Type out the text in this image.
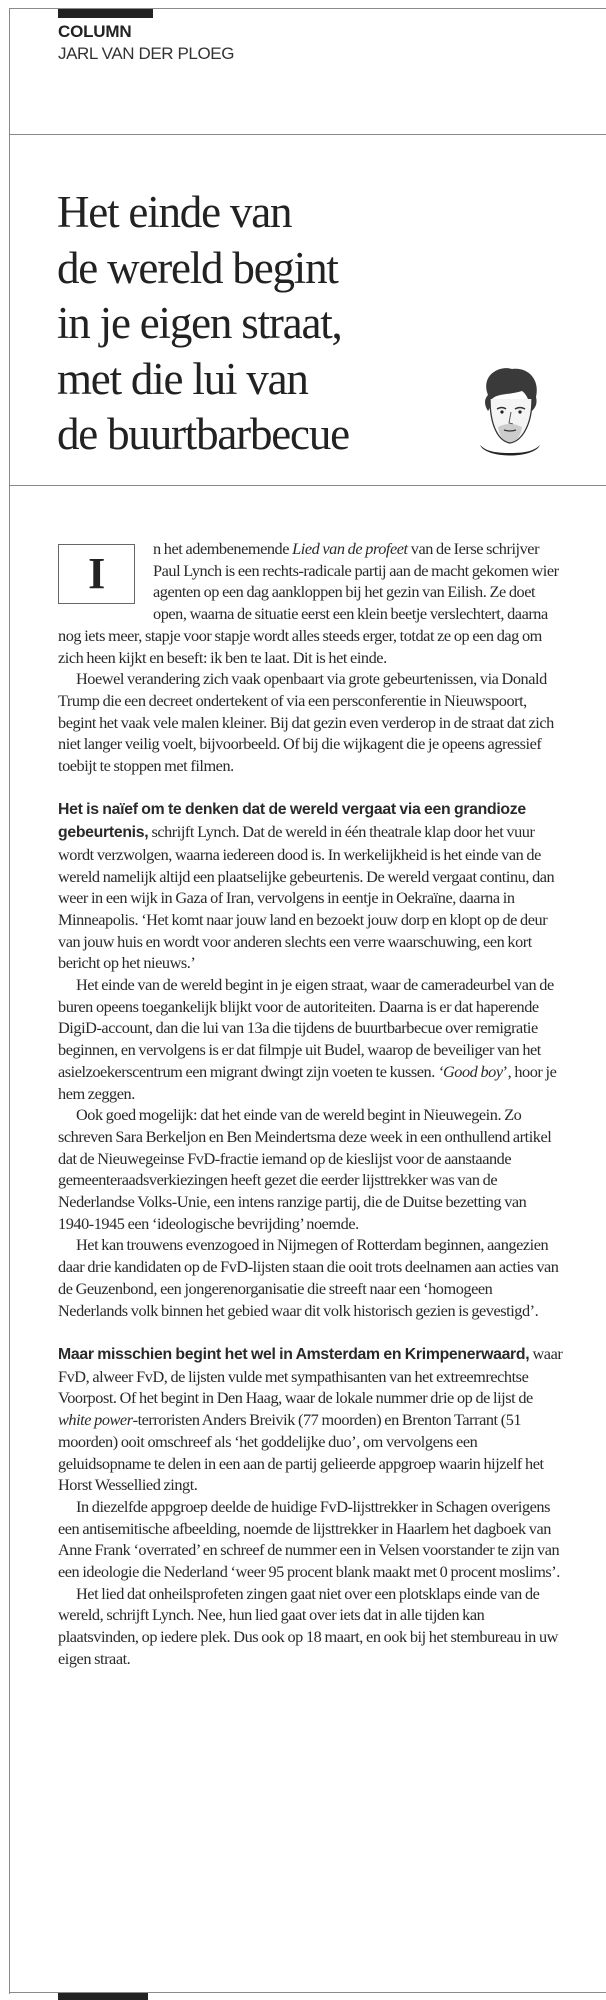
COLUMN
JARL VAN DER PLOEG
Het einde van
de wereld begint
in je eigen straat,
met die lui van
de buurtbarbecue

I
n het adembenemende Lied van de profeet van de Ierse schrijver Paul Lynch is een rechts-radicale partij aan de macht gekomen wier agenten op een dag aankloppen bij het gezin van Eilish. Ze doet open, waarna de situatie eerst een klein beetje verslechtert, daarna nog iets meer, stapje voor stapje wordt alles steeds erger, totdat ze op een dag om zich heen kijkt en beseft: ik ben te laat. Dit is het einde.

Hoewel verandering zich vaak openbaart via grote gebeurtenissen, via Donald Trump die een decreet ondertekent of via een persconferentie in Nieuwspoort, begint het vaak vele malen kleiner. Bij dat gezin even verderop in de straat dat zich niet langer veilig voelt, bijvoorbeeld. Of bij die wijkagent die je opeens agressief toebijt te stoppen met filmen.

Het is naïef om te denken dat de wereld vergaat via een grandioze gebeurtenis, schrijft Lynch. Dat de wereld in één theatrale klap door het vuur wordt verzwolgen, waarna iedereen dood is. In werkelijkheid is het einde van de wereld namelijk altijd een plaatselijke gebeurtenis. De wereld vergaat continu, dan weer in een wijk in Gaza of Iran, vervolgens in eentje in Oekraïne, daarna in Minneapolis. ‘Het komt naar jouw land en bezoekt jouw dorp en klopt op de deur van jouw huis en wordt voor anderen slechts een verre waarschuwing, een kort bericht op het nieuws.’

Het einde van de wereld begint in je eigen straat, waar de cameradeurbel van de buren opeens toegankelijk blijkt voor de autoriteiten. Daarna is er dat haperende DigiD-account, dan die lui van 13a die tijdens de buurtbarbecue over remigratie beginnen, en vervolgens is er dat filmpje uit Budel, waarop de beveiliger van het asielzoekerscentrum een migrant dwingt zijn voeten te kussen. ‘Good boy’, hoor je hem zeggen.

Ook goed mogelijk: dat het einde van de wereld begint in Nieuwegein. Zo schreven Sara Berkeljon en Ben Meindertsma deze week in een onthullend artikel dat de Nieuwegeinse FvD-fractie iemand op de kieslijst voor de aanstaande gemeenteraadsverkiezingen heeft gezet die eerder lijsttrekker was van de Nederlandse Volks-Unie, een intens ranzige partij, die de Duitse bezetting van 1940-1945 een ‘ideologische bevrijding’ noemde.

Het kan trouwens evenzogoed in Nijmegen of Rotterdam beginnen, aangezien daar drie kandidaten op de FvD-lijsten staan die ooit trots deelnamen aan acties van de Geuzenbond, een jongerenorganisatie die streeft naar een ‘homogeen Nederlands volk binnen het gebied waar dit volk historisch gezien is gevestigd’.

Maar misschien begint het wel in Amsterdam en Krimpenerwaard, waar FvD, alweer FvD, de lijsten vulde met sympathisanten van het extreemrechtse Voorpost. Of het begint in Den Haag, waar de lokale nummer drie op de lijst de white power-terroristen Anders Breivik (77 moorden) en Brenton Tarrant (51 moorden) ooit omschreef als ‘het goddelijke duo’, om vervolgens een geluidsopname te delen in een aan de partij gelieerde appgroep waarin hijzelf het Horst Wessellied zingt.

In diezelfde appgroep deelde de huidige FvD-lijsttrekker in Schagen overigens een antisemitische afbeelding, noemde de lijsttrekker in Haarlem het dagboek van Anne Frank ‘overrated’ en schreef de nummer een in Velsen voorstander te zijn van een ideologie die Nederland ‘weer 95 procent blank maakt met 0 procent moslims’.

Het lied dat onheilsprofeten zingen gaat niet over een plotsklaps einde van de wereld, schrijft Lynch. Nee, hun lied gaat over iets dat in alle tijden kan plaatsvinden, op iedere plek. Dus ook op 18 maart, en ook bij het stembureau in uw eigen straat.
